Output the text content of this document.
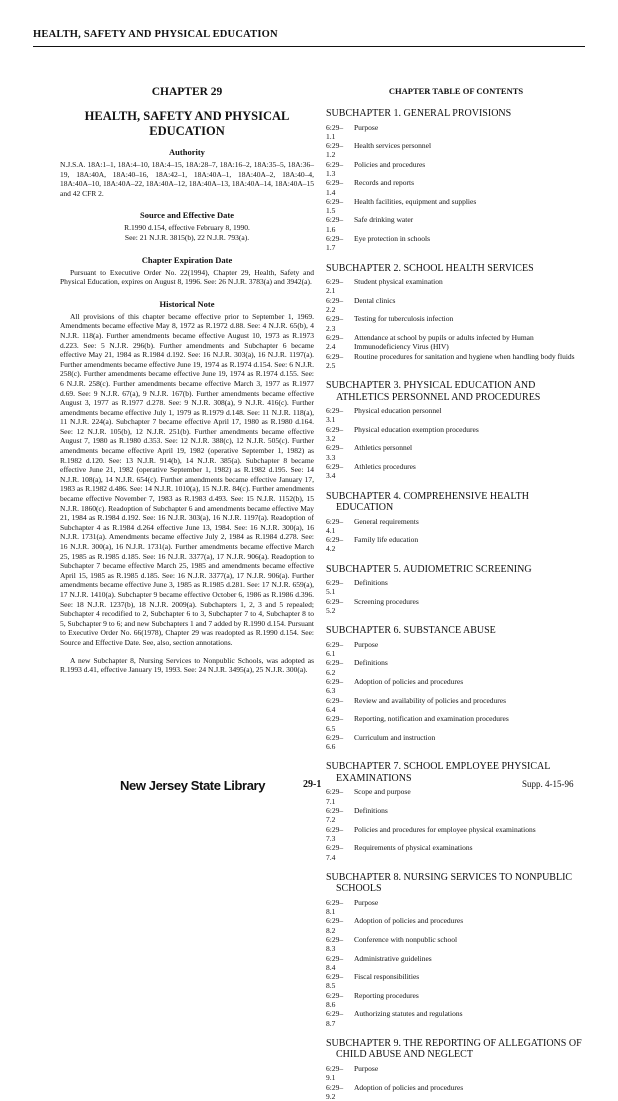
HEALTH, SAFETY AND PHYSICAL EDUCATION
CHAPTER 29
HEALTH, SAFETY AND PHYSICAL EDUCATION
Authority
N.J.S.A. 18A:1–1, 18A:4–10, 18A:4–15, 18A:28–7, 18A:16–2, 18A:35–5, 18A:36–19, 18A:40A, 18A:40–16, 18A:42–1, 18A:40A–1, 18A:40A–2, 18A:40–4, 18A:40A–10, 18A:40A–22, 18A:40A–12, 18A:40A–13, 18A:40A–14, 18A:40A–15 and 42 CFR 2.
Source and Effective Date
R.1990 d.154, effective February 8, 1990.
See: 21 N.J.R. 3815(b), 22 N.J.R. 793(a).
Chapter Expiration Date
Pursuant to Executive Order No. 22(1994), Chapter 29, Health, Safety and Physical Education, expires on August 8, 1996. See: 26 N.J.R. 3783(a) and 3942(a).
Historical Note
All provisions of this chapter became effective prior to September 1, 1969. Amendments became effective May 8, 1972 as R.1972 d.88. See: 4 N.J.R. 65(b), 4 N.J.R. 118(a). Further amendments became effective August 10, 1973 as R.1973 d.223. See: 5 N.J.R. 296(b). Further amendments and Subchapter 6 became effective May 21, 1984 as R.1984 d.192. See: 16 N.J.R. 303(a), 16 N.J.R. 1197(a). Further amendments became effective June 19, 1974 as R.1974 d.154. See: 6 N.J.R. 258(c). Further amendments became effective June 19, 1974 as R.1974 d.155. See: 6 N.J.R. 258(c). Further amendments became effective March 3, 1977 as R.1977 d.69. See: 9 N.J.R. 67(a), 9 N.J.R. 167(b). Further amendments became effective August 3, 1977 as R.1977 d.278. See: 9 N.J.R. 308(a), 9 N.J.R. 416(c). Further amendments became effective July 1, 1979 as R.1979 d.148. See: 11 N.J.R. 118(a), 11 N.J.R. 224(a). Subchapter 7 became effective April 17, 1980 as R.1980 d.164. See: 12 N.J.R. 105(b), 12 N.J.R. 251(b). Further amendments became effective August 7, 1980 as R.1980 d.353. See: 12 N.J.R. 388(c), 12 N.J.R. 505(c). Further amendments became effective April 19, 1982 (operative September 1, 1982) as R.1982 d.120. See: 13 N.J.R. 914(b), 14 N.J.R. 385(a). Subchapter 8 became effective June 21, 1982 (operative September 1, 1982) as R.1982 d.195. See: 14 N.J.R. 108(a), 14 N.J.R. 654(c). Further amendments became effective January 17, 1983 as R.1982 d.486. See: 14 N.J.R. 1010(a), 15 N.J.R. 84(c). Further amendments became effective November 7, 1983 as R.1983 d.493. See: 15 N.J.R. 1152(b), 15 N.J.R. 1860(c). Readoption of Subchapter 6 and amendments became effective May 21, 1984 as R.1984 d.192. See: 16 N.J.R. 303(a), 16 N.J.R. 1197(a). Readoption of Subchapter 4 as R.1984 d.264 effective June 13, 1984. See: 16 N.J.R. 300(a), 16 N.J.R. 1731(a). Amendments became effective July 2, 1984 as R.1984 d.278. See: 16 N.J.R. 300(a), 16 N.J.R. 1731(a). Further amendments became effective March 25, 1985 as R.1985 d.185. See: 16 N.J.R. 3377(a), 17 N.J.R. 906(a). Readoption to Subchapter 7 became effective March 25, 1985 and amendments became effective April 15, 1985 as R.1985 d.185. See: 16 N.J.R. 3377(a), 17 N.J.R. 906(a). Further amendments became effective June 3, 1985 as R.1985 d.281. See: 17 N.J.R. 659(a), 17 N.J.R. 1410(a). Subchapter 9 became effective October 6, 1986 as R.1986 d.396. See: 18 N.J.R. 1237(b), 18 N.J.R. 2009(a). Subchapters 1, 2, 3 and 5 repealed; Subchapter 4 recodified to 2, Subchapter 6 to 3, Subchapter 7 to 4, Subchapter 8 to 5, Subchapter 9 to 6; and new Subchapters 1 and 7 added by R.1990 d.154. Pursuant to Executive Order No. 66(1978), Chapter 29 was readopted as R.1990 d.154. See: Source and Effective Date. See, also, section annotations.
A new Subchapter 8, Nursing Services to Nonpublic Schools, was adopted as R.1993 d.41, effective January 19, 1993. See: 24 N.J.R. 3495(a), 25 N.J.R. 300(a).
CHAPTER TABLE OF CONTENTS
SUBCHAPTER 1. GENERAL PROVISIONS
6:29–1.1
Purpose
6:29–1.2
Health services personnel
6:29–1.3
Policies and procedures
6:29–1.4
Records and reports
6:29–1.5
Health facilities, equipment and supplies
6:29–1.6
Safe drinking water
6:29–1.7
Eye protection in schools
SUBCHAPTER 2. SCHOOL HEALTH SERVICES
6:29–2.1
Student physical examination
6:29–2.2
Dental clinics
6:29–2.3
Testing for tuberculosis infection
6:29–2.4
Attendance at school by pupils or adults infected by Human Immunodeficiency Virus (HIV)
6:29–2.5
Routine procedures for sanitation and hygiene when handling body fluids
SUBCHAPTER 3. PHYSICAL EDUCATION AND ATHLETICS PERSONNEL AND PROCEDURES
6:29–3.1
Physical education personnel
6:29–3.2
Physical education exemption procedures
6:29–3.3
Athletics personnel
6:29–3.4
Athletics procedures
SUBCHAPTER 4. COMPREHENSIVE HEALTH EDUCATION
6:29–4.1
General requirements
6:29–4.2
Family life education
SUBCHAPTER 5. AUDIOMETRIC SCREENING
6:29–5.1
Definitions
6:29–5.2
Screening procedures
SUBCHAPTER 6. SUBSTANCE ABUSE
6:29–6.1
Purpose
6:29–6.2
Definitions
6:29–6.3
Adoption of policies and procedures
6:29–6.4
Review and availability of policies and procedures
6:29–6.5
Reporting, notification and examination procedures
6:29–6.6
Curriculum and instruction
SUBCHAPTER 7. SCHOOL EMPLOYEE PHYSICAL EXAMINATIONS
6:29–7.1
Scope and purpose
6:29–7.2
Definitions
6:29–7.3
Policies and procedures for employee physical examinations
6:29–7.4
Requirements of physical examinations
SUBCHAPTER 8. NURSING SERVICES TO NONPUBLIC SCHOOLS
6:29–8.1
Purpose
6:29–8.2
Adoption of policies and procedures
6:29–8.3
Conference with nonpublic school
6:29–8.4
Administrative guidelines
6:29–8.5
Fiscal responsibilities
6:29–8.6
Reporting procedures
6:29–8.7
Authorizing statutes and regulations
SUBCHAPTER 9. THE REPORTING OF ALLEGATIONS OF CHILD ABUSE AND NEGLECT
6:29–9.1
Purpose
6:29–9.2
Adoption of policies and procedures
New Jersey State Library	29-1	Supp. 4-15-96
